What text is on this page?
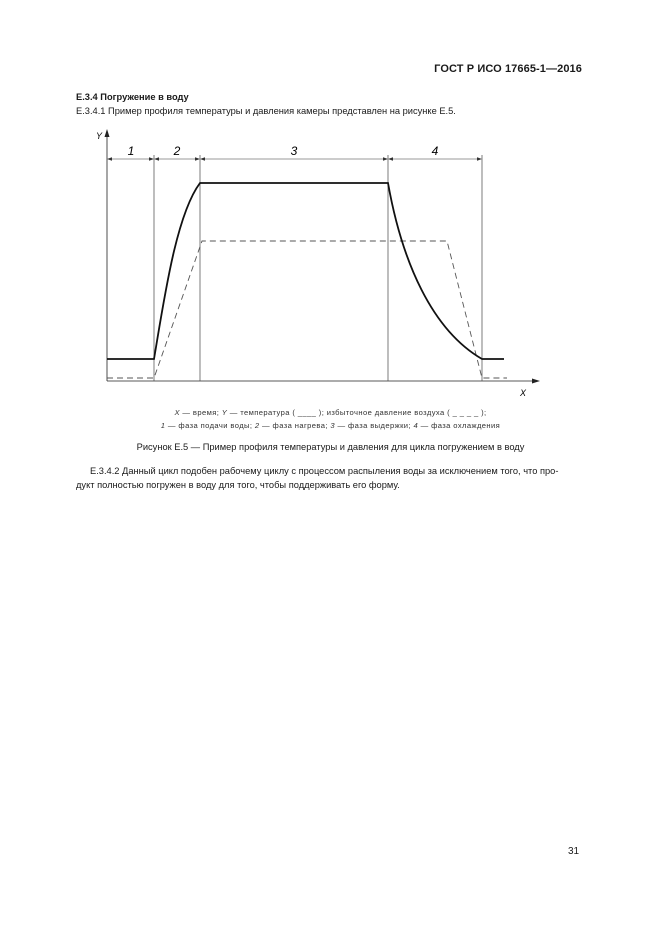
ГОСТ Р ИСО 17665-1—2016
Е.3.4 Погружение в воду
Е.3.4.1 Пример профиля температуры и давления камеры представлен на рисунке Е.5.
Y
X
1	2	3	4
X — время; Y — температура ( ____ ); избыточное давление воздуха ( _ _ _ _ );
1 — фаза подачи воды; 2 — фаза нагрева; 3 — фаза выдержки; 4 — фаза охлаждения
Рисунок Е.5 — Пример профиля температуры и давления для цикла погружением в воду
Е.3.4.2 Данный цикл подобен рабочему циклу с процессом распыления воды за исключением того, что про-
дукт полностью погружен в воду для того, чтобы поддерживать его форму.
31
